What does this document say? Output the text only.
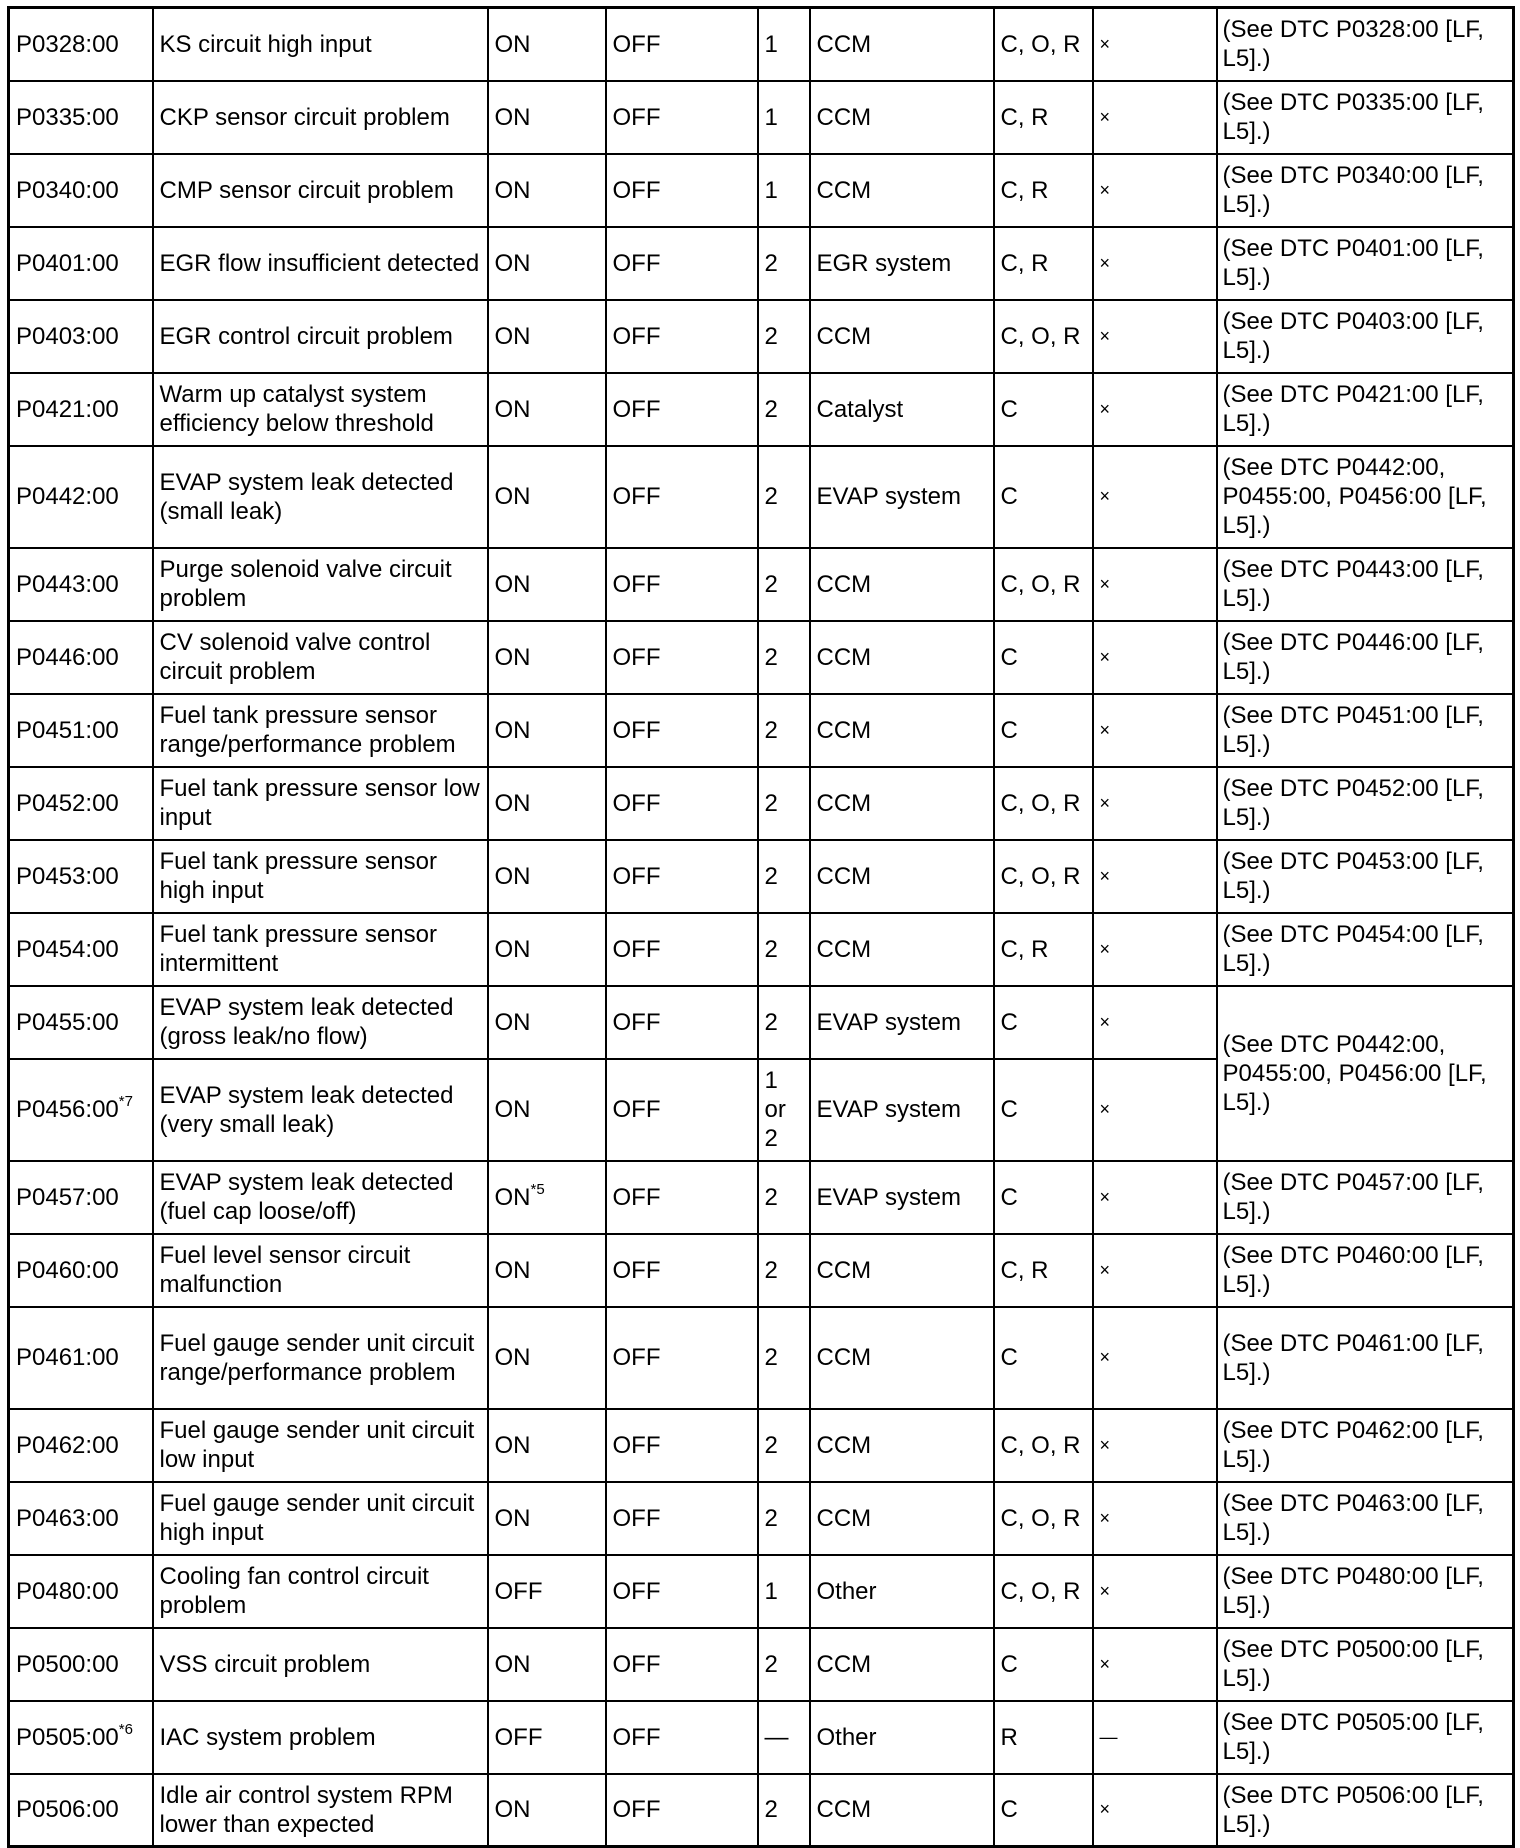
P0328:00	KS circuit high input	ON	OFF	1	CCM	C, O, R	×	(See DTC P0328:00 [LF, L5].)
P0335:00	CKP sensor circuit problem	ON	OFF	1	CCM	C, R	×	(See DTC P0335:00 [LF, L5].)
P0340:00	CMP sensor circuit problem	ON	OFF	1	CCM	C, R	×	(See DTC P0340:00 [LF, L5].)
P0401:00	EGR flow insufficient detected	ON	OFF	2	EGR system	C, R	×	(See DTC P0401:00 [LF, L5].)
P0403:00	EGR control circuit problem	ON	OFF	2	CCM	C, O, R	×	(See DTC P0403:00 [LF, L5].)
P0421:00	Warm up catalyst system efficiency below threshold	ON	OFF	2	Catalyst	C	×	(See DTC P0421:00 [LF, L5].)
P0442:00	EVAP system leak detected (small leak)	ON	OFF	2	EVAP system	C	×	(See DTC P0442:00, P0455:00, P0456:00 [LF, L5].)
P0443:00	Purge solenoid valve circuit problem	ON	OFF	2	CCM	C, O, R	×	(See DTC P0443:00 [LF, L5].)
P0446:00	CV solenoid valve control circuit problem	ON	OFF	2	CCM	C	×	(See DTC P0446:00 [LF, L5].)
P0451:00	Fuel tank pressure sensor range/performance problem	ON	OFF	2	CCM	C	×	(See DTC P0451:00 [LF, L5].)
P0452:00	Fuel tank pressure sensor low input	ON	OFF	2	CCM	C, O, R	×	(See DTC P0452:00 [LF, L5].)
P0453:00	Fuel tank pressure sensor high input	ON	OFF	2	CCM	C, O, R	×	(See DTC P0453:00 [LF, L5].)
P0454:00	Fuel tank pressure sensor intermittent	ON	OFF	2	CCM	C, R	×	(See DTC P0454:00 [LF, L5].)
P0455:00	EVAP system leak detected (gross leak/no flow)	ON	OFF	2	EVAP system	C	×	(See DTC P0442:00, P0455:00, P0456:00 [LF, L5].)
P0456:00$^{*7}$	EVAP system leak detected (very small leak)	ON	OFF	1 or 2	EVAP system	C	×	
P0457:00	EVAP system leak detected (fuel cap loose/off)	ON$^{*5}$	OFF	2	EVAP system	C	×	(See DTC P0457:00 [LF, L5].)
P0460:00	Fuel level sensor circuit malfunction	ON	OFF	2	CCM	C, R	×	(See DTC P0460:00 [LF, L5].)
P0461:00	Fuel gauge sender unit circuit range/performance problem	ON	OFF	2	CCM	C	×	(See DTC P0461:00 [LF, L5].)
P0462:00	Fuel gauge sender unit circuit low input	ON	OFF	2	CCM	C, O, R	×	(See DTC P0462:00 [LF, L5].)
P0463:00	Fuel gauge sender unit circuit high input	ON	OFF	2	CCM	C, O, R	×	(See DTC P0463:00 [LF, L5].)
P0480:00	Cooling fan control circuit problem	OFF	OFF	1	Other	C, O, R	×	(See DTC P0480:00 [LF, L5].)
P0500:00	VSS circuit problem	ON	OFF	2	CCM	C	×	(See DTC P0500:00 [LF, L5].)
P0505:00$^{*6}$	IAC system problem	OFF	OFF	—	Other	R	—	(See DTC P0505:00 [LF, L5].)
P0506:00	Idle air control system RPM lower than expected	ON	OFF	2	CCM	C	×	(See DTC P0506:00 [LF, L5].)
